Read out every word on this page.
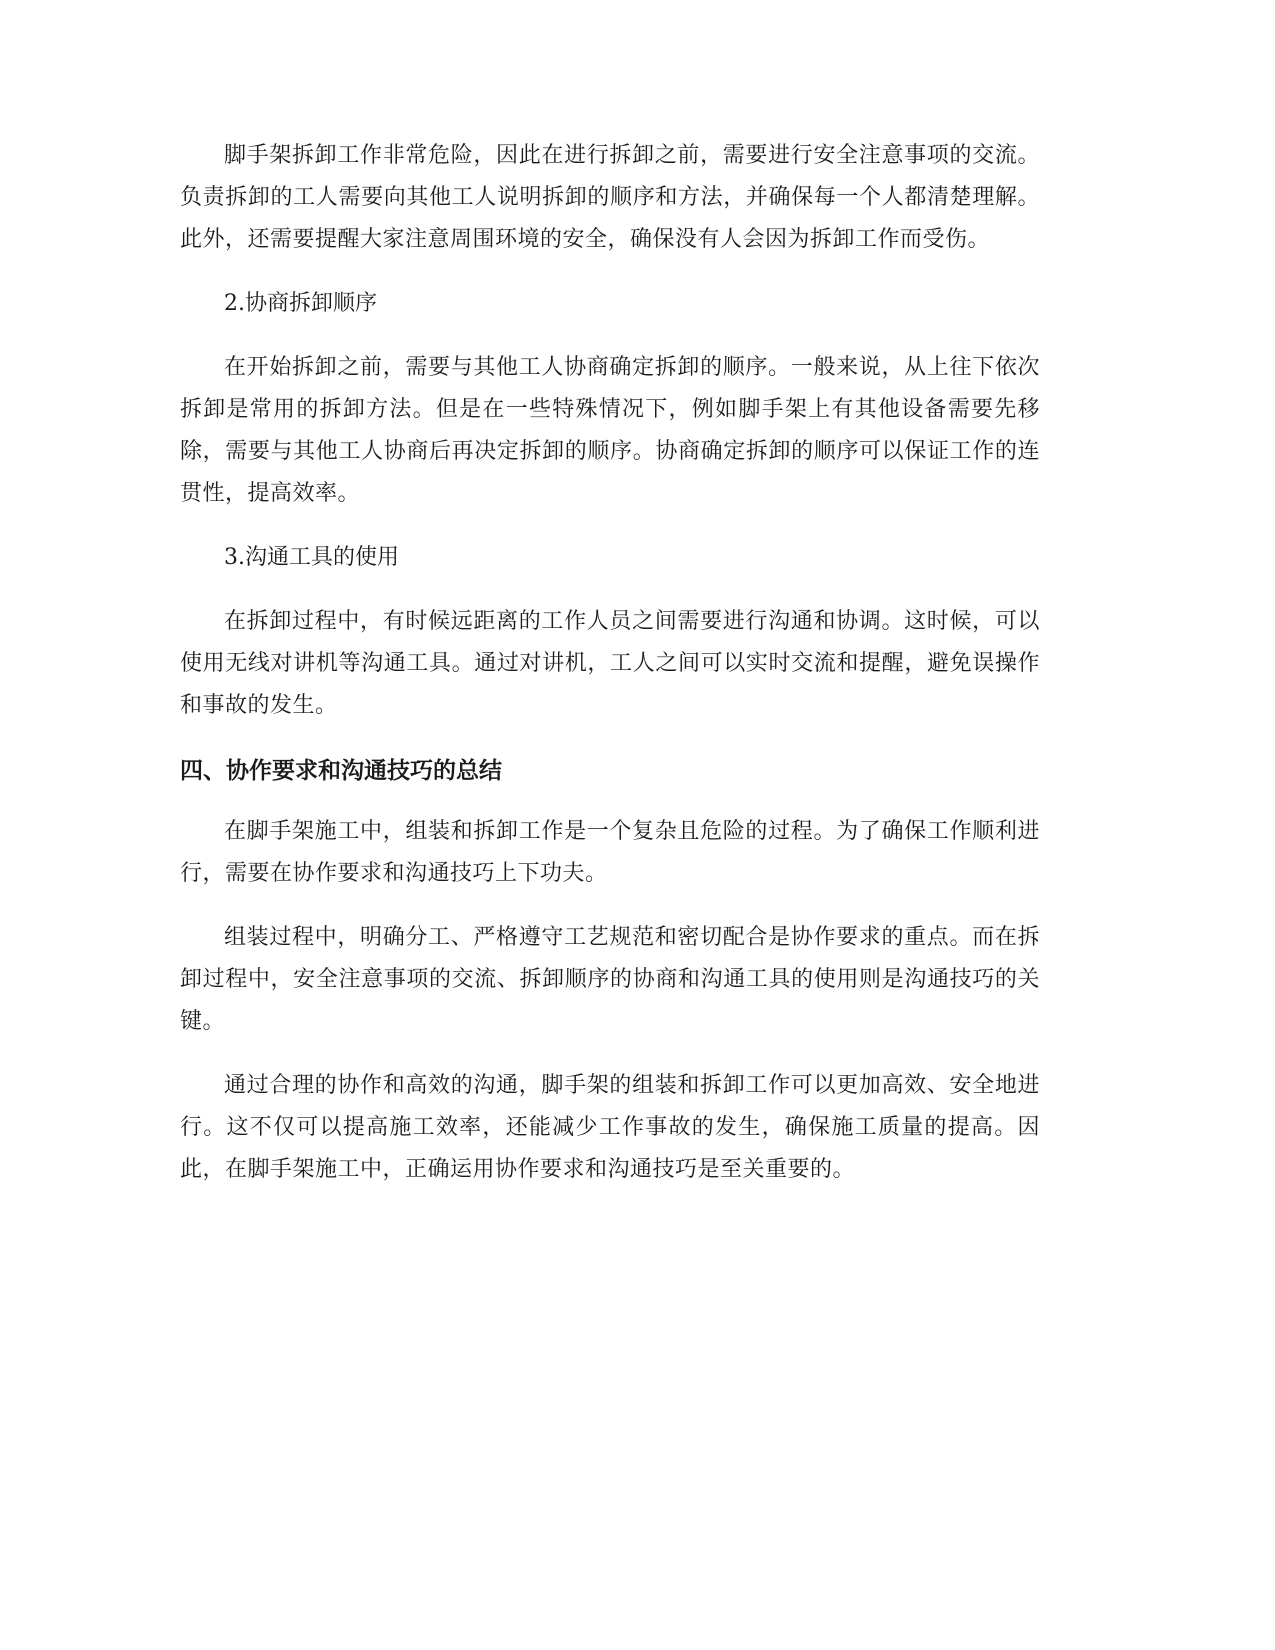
脚手架拆卸工作非常危险，因此在进行拆卸之前，需要进行安全注意事项的交流。负责拆卸的工人需要向其他工人说明拆卸的顺序和方法，并确保每一个人都清楚理解。此外，还需要提醒大家注意周围环境的安全，确保没有人会因为拆卸工作而受伤。

2.协商拆卸顺序

在开始拆卸之前，需要与其他工人协商确定拆卸的顺序。一般来说，从上往下依次拆卸是常用的拆卸方法。但是在一些特殊情况下，例如脚手架上有其他设备需要先移除，需要与其他工人协商后再决定拆卸的顺序。协商确定拆卸的顺序可以保证工作的连贯性，提高效率。

3.沟通工具的使用

在拆卸过程中，有时候远距离的工作人员之间需要进行沟通和协调。这时候，可以使用无线对讲机等沟通工具。通过对讲机，工人之间可以实时交流和提醒，避免误操作和事故的发生。

四、协作要求和沟通技巧的总结

在脚手架施工中，组装和拆卸工作是一个复杂且危险的过程。为了确保工作顺利进行，需要在协作要求和沟通技巧上下功夫。

组装过程中，明确分工、严格遵守工艺规范和密切配合是协作要求的重点。而在拆卸过程中，安全注意事项的交流、拆卸顺序的协商和沟通工具的使用则是沟通技巧的关键。

通过合理的协作和高效的沟通，脚手架的组装和拆卸工作可以更加高效、安全地进行。这不仅可以提高施工效率，还能减少工作事故的发生，确保施工质量的提高。因此，在脚手架施工中，正确运用协作要求和沟通技巧是至关重要的。
